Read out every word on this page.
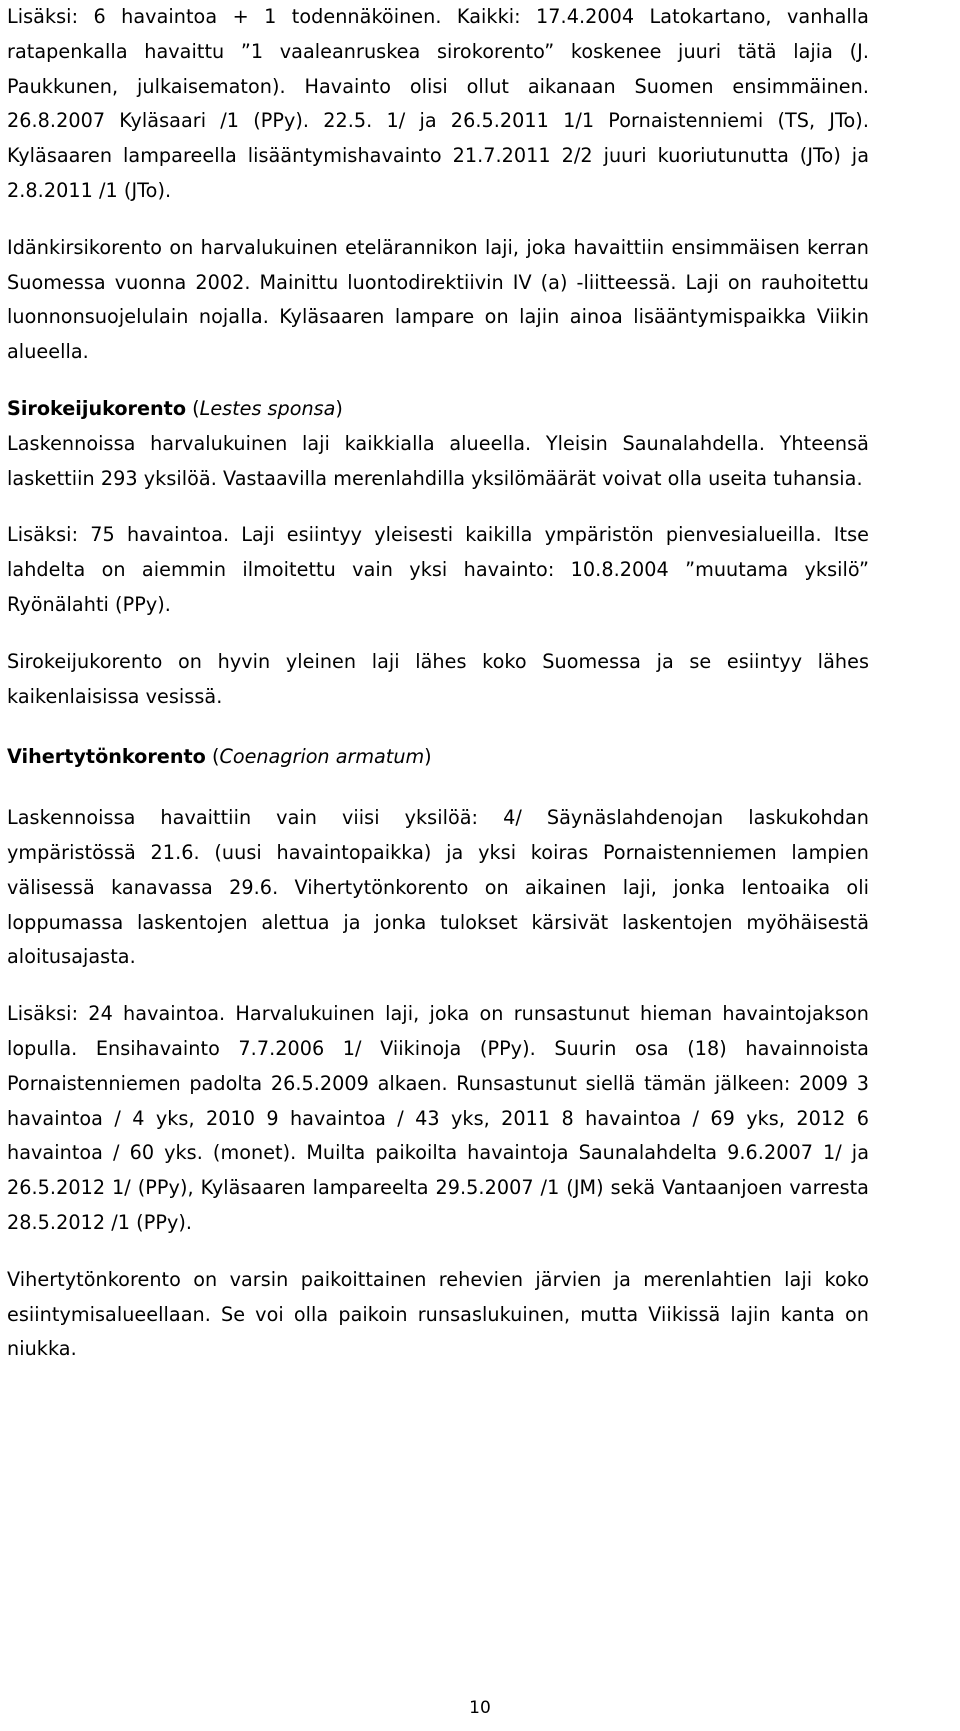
Lisäksi: 6 havaintoa + 1 todennäköinen. Kaikki: 17.4.2004 Latokartano, vanhalla ratapenkalla havaittu ”1 vaaleanruskea sirokorento” koskenee juuri tätä lajia (J. Paukkunen, julkaisematon). Havainto olisi ollut aikanaan Suomen ensimmäinen. 26.8.2007 Kyläsaari /1 (PPy). 22.5. 1/ ja 26.5.2011 1/1 Pornaistenniemi (TS, JTo). Kyläsaaren lampareella lisääntymishavainto 21.7.2011 2/2 juuri kuoriutunutta (JTo) ja 2.8.2011 /1 (JTo).

Idänkirsikorento on harvalukuinen etelärannikon laji, joka havaittiin ensimmäisen kerran Suomessa vuonna 2002. Mainittu luontodirektiivin IV (a) -liitteessä. Laji on rauhoitettu luonnonsuojelulain nojalla. Kyläsaaren lampare on lajin ainoa lisääntymispaikka Viikin alueella.

Sirokeijukorento (Lestes sponsa)

Laskennoissa harvalukuinen laji kaikkialla alueella. Yleisin Saunalahdella. Yhteensä laskettiin 293 yksilöä. Vastaavilla merenlahdilla yksilömäärät voivat olla useita tuhansia.

Lisäksi: 75 havaintoa. Laji esiintyy yleisesti kaikilla ympäristön pienvesialueilla. Itse lahdelta on aiemmin ilmoitettu vain yksi havainto: 10.8.2004 ”muutama yksilö” Ryönälahti (PPy).

Sirokeijukorento on hyvin yleinen laji lähes koko Suomessa ja se esiintyy lähes kaikenlaisissa vesissä.

Vihertytönkorento (Coenagrion armatum)

Laskennoissa havaittiin vain viisi yksilöä: 4/ Säynäslahdenojan laskukohdan ympäristössä 21.6. (uusi havaintopaikka) ja yksi koiras Pornaistenniemen lampien välisessä kanavassa 29.6. Vihertytönkorento on aikainen laji, jonka lentoaika oli loppumassa laskentojen alettua ja jonka tulokset kärsivät laskentojen myöhäisestä aloitusajasta.

Lisäksi: 24 havaintoa. Harvalukuinen laji, joka on runsastunut hieman havaintojakson lopulla. Ensihavainto 7.7.2006 1/ Viikinoja (PPy). Suurin osa (18) havainnoista Pornaistenniemen padolta 26.5.2009 alkaen. Runsastunut siellä tämän jälkeen: 2009 3 havaintoa / 4 yks, 2010 9 havaintoa / 43 yks, 2011 8 havaintoa / 69 yks, 2012 6 havaintoa / 60 yks. (monet). Muilta paikoilta havaintoja Saunalahdelta 9.6.2007 1/ ja 26.5.2012 1/ (PPy), Kyläsaaren lampareelta 29.5.2007 /1 (JM) sekä Vantaanjoen varresta 28.5.2012 /1 (PPy).

Vihertytönkorento on varsin paikoittainen rehevien järvien ja merenlahtien laji koko esiintymisalueellaan. Se voi olla paikoin runsaslukuinen, mutta Viikissä lajin kanta on niukka.

10
